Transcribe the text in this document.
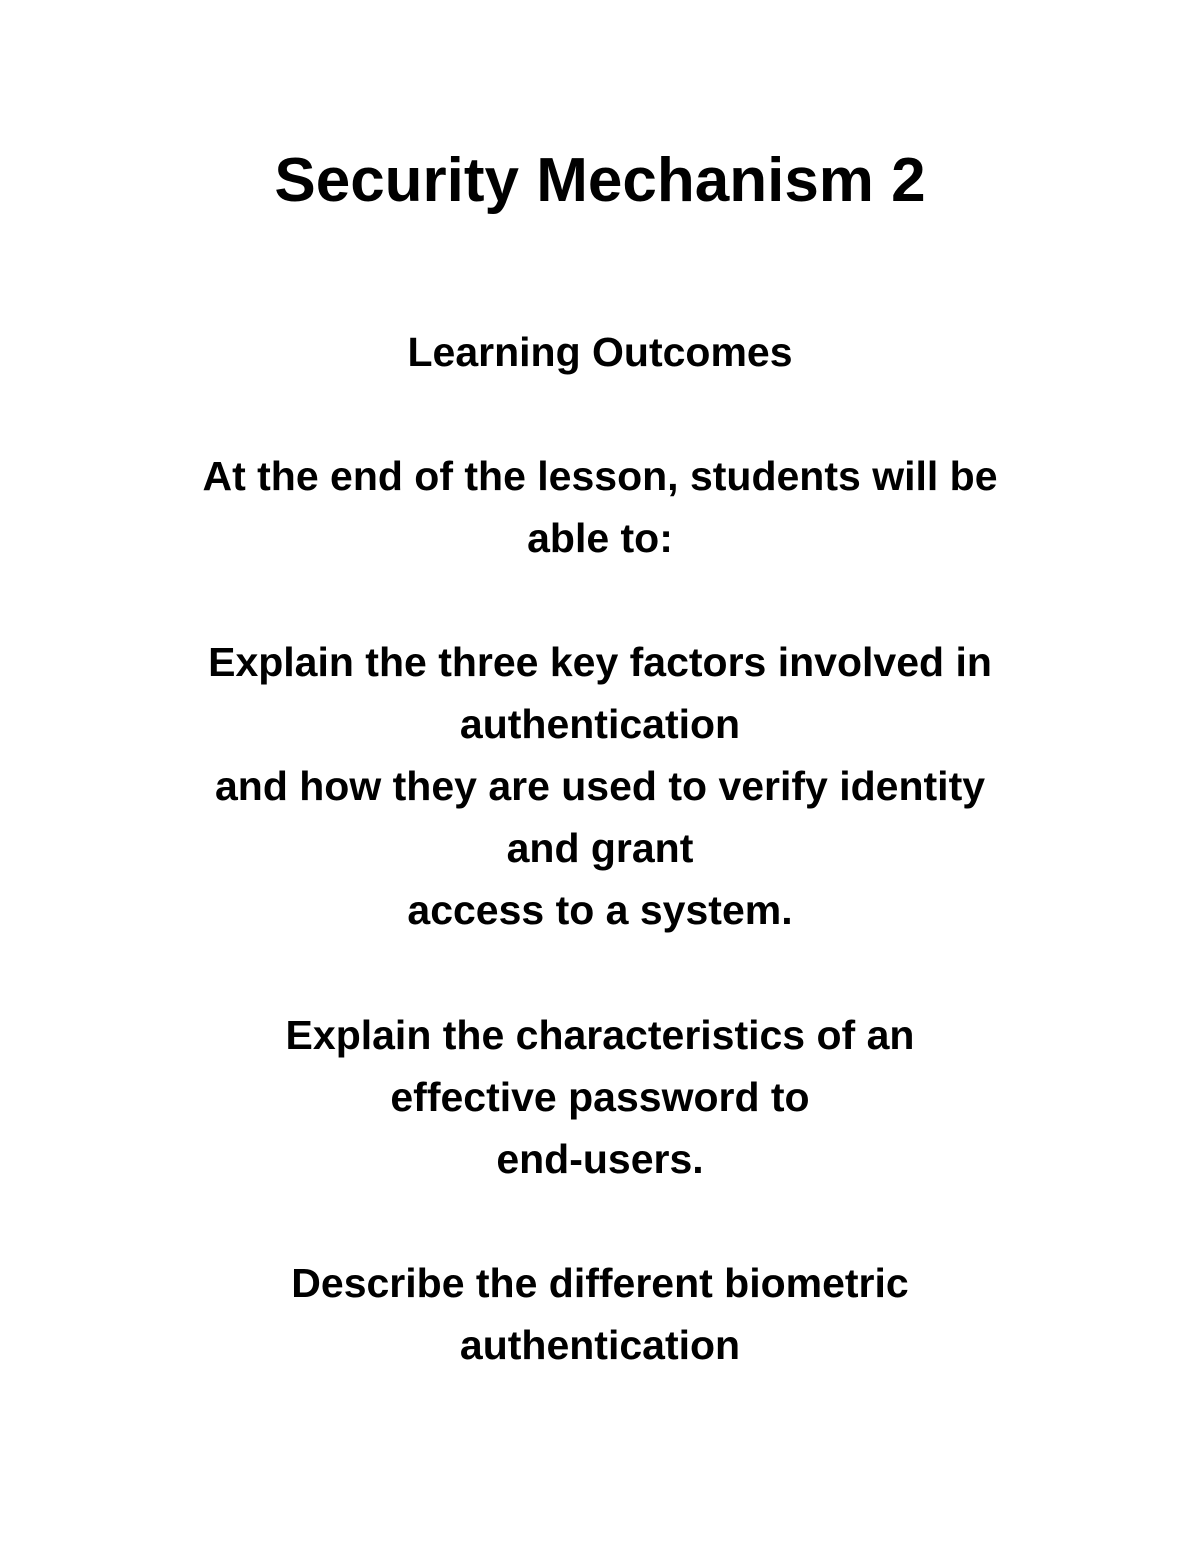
Security Mechanism 2
Learning Outcomes
At the end of the lesson, students will be
able to:
Explain the three key factors involved in
authentication
and how they are used to verify identity
and grant
access to a system.
Explain the characteristics of an
effective password to
end-users.
Describe the different biometric
authentication
